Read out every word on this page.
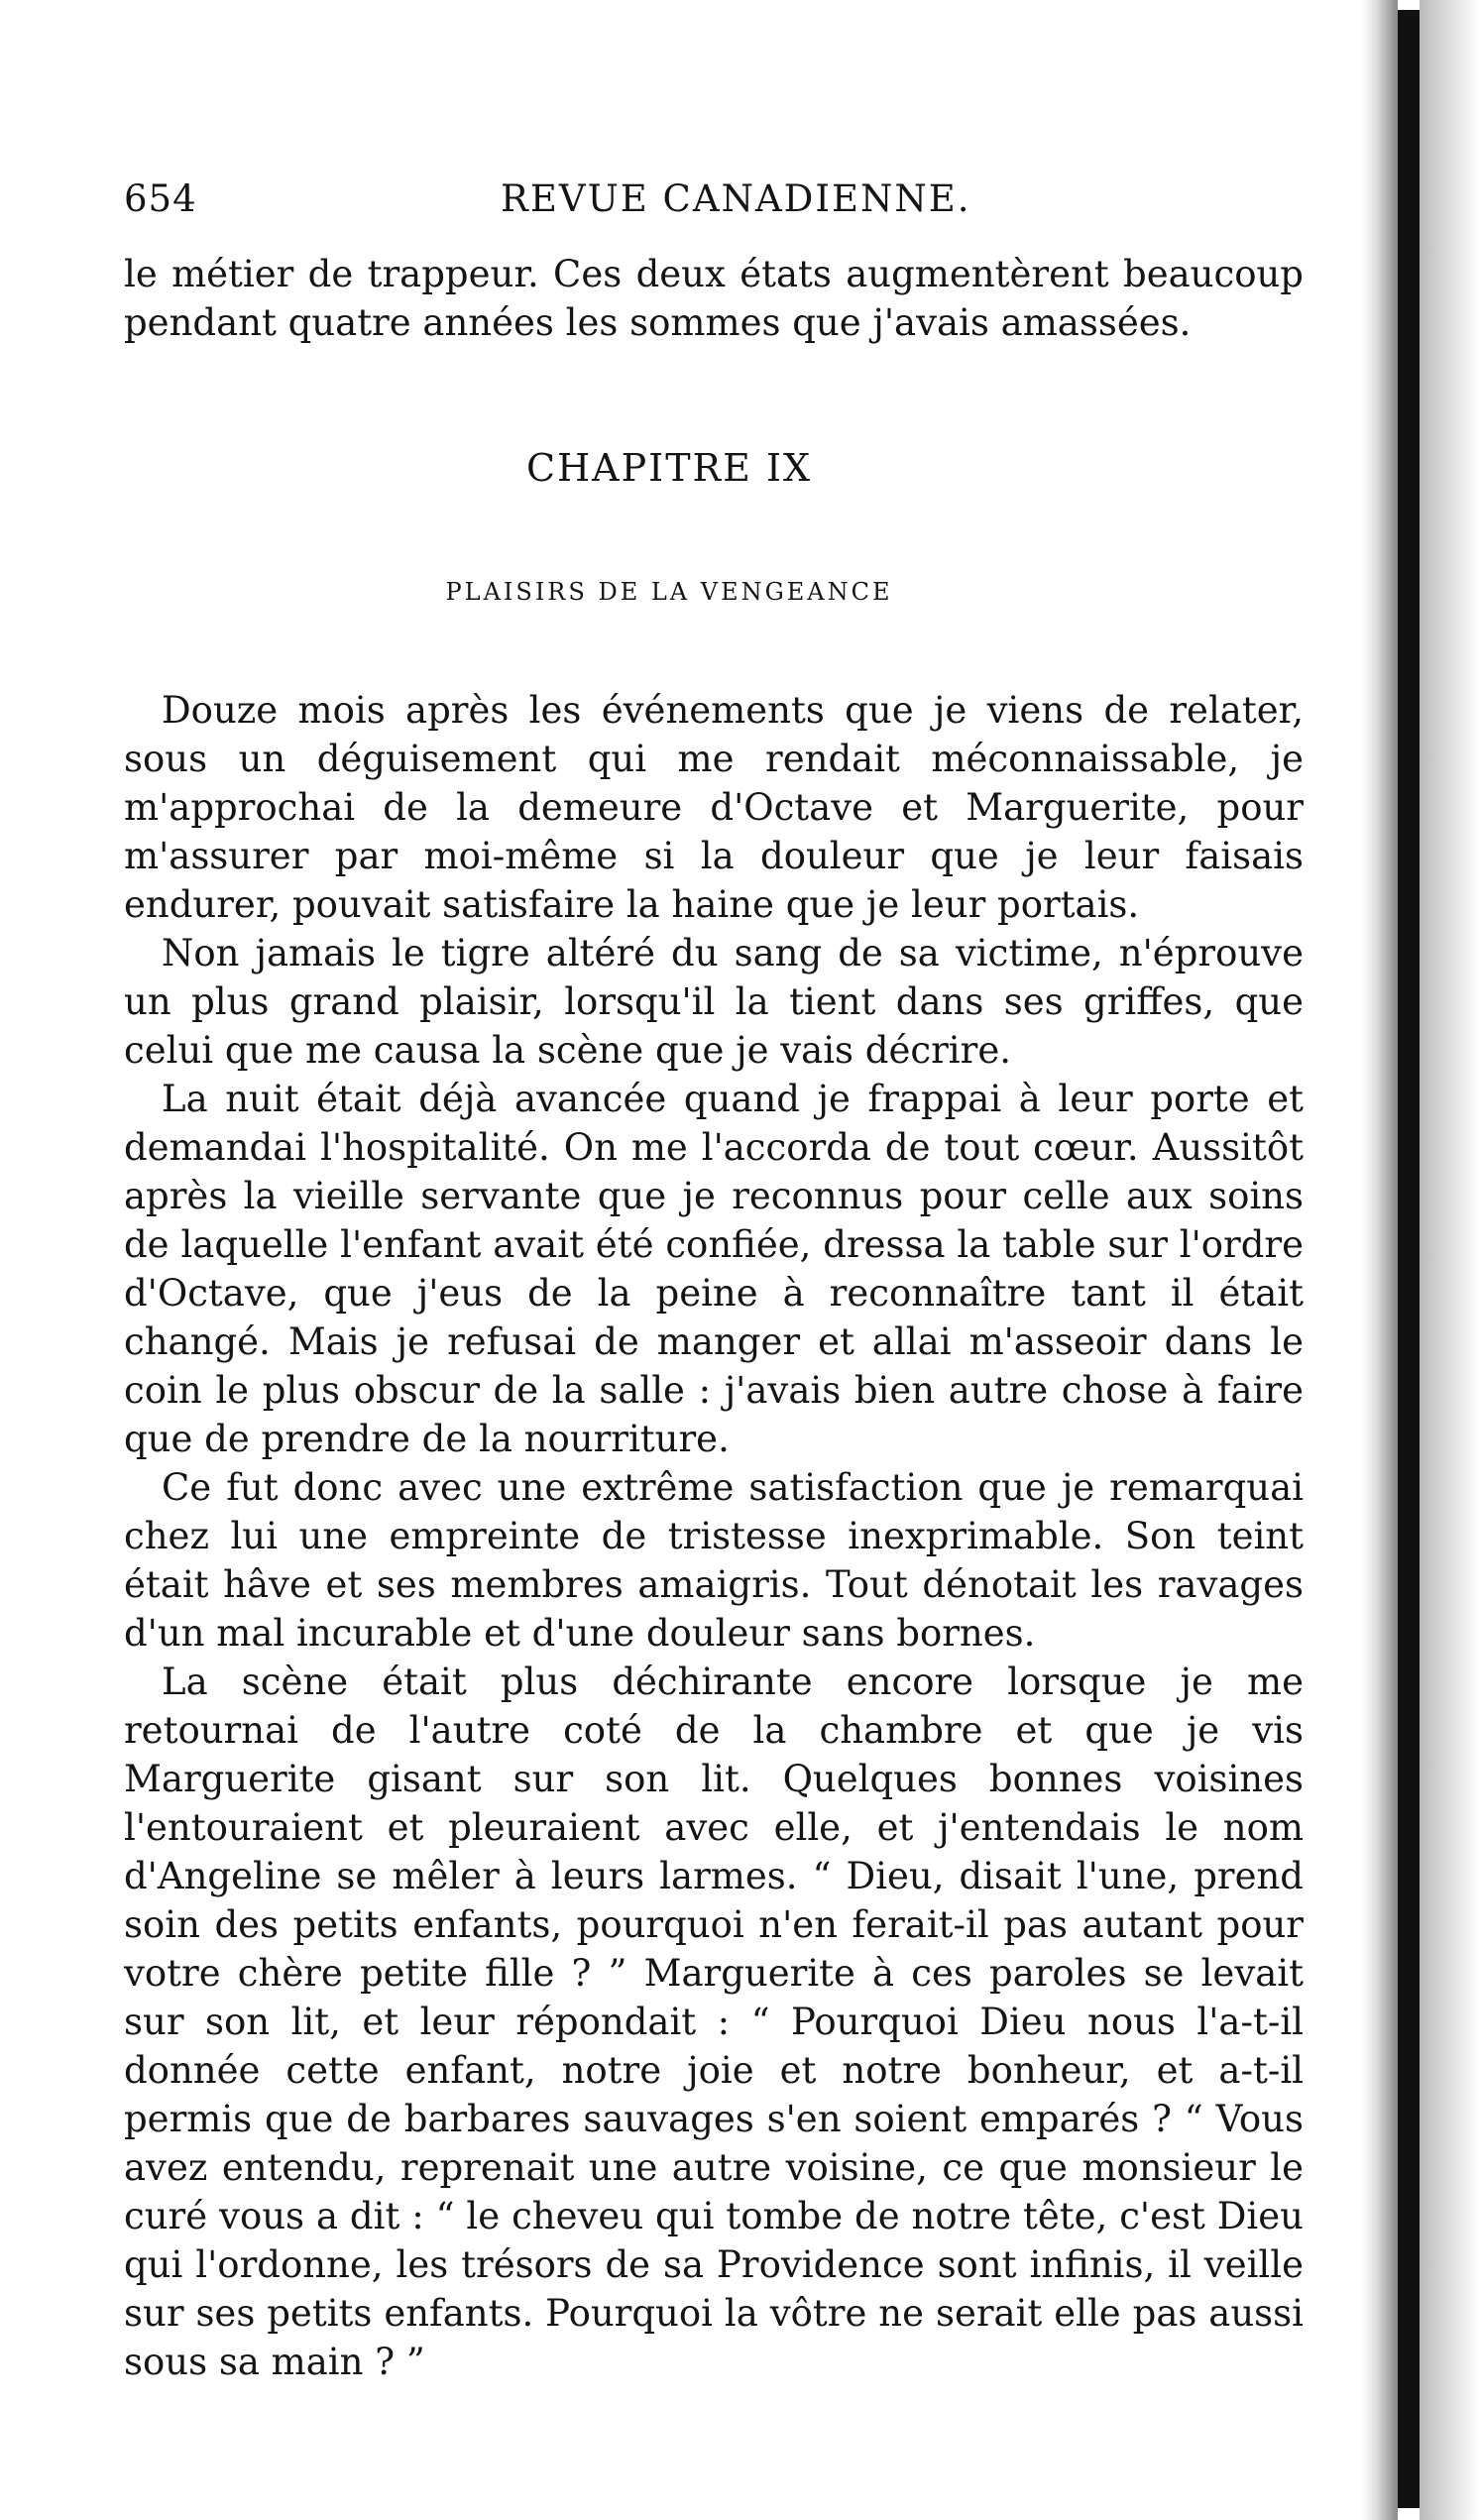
654	REVUE CANADIENNE.

le métier de trappeur. Ces deux états augmentèrent beaucoup pendant quatre années les sommes que j'avais amassées.

CHAPITRE IX
PLAISIRS DE LA VENGEANCE

Douze mois après les événements que je viens de relater, sous un déguisement qui me rendait méconnaissable, je m'approchai de la demeure d'Octave et Marguerite, pour m'assurer par moi-même si la douleur que je leur faisais endurer, pouvait satisfaire la haine que je leur portais.

Non jamais le tigre altéré du sang de sa victime, n'éprouve un plus grand plaisir, lorsqu'il la tient dans ses griffes, que celui que me causa la scène que je vais décrire.

La nuit était déjà avancée quand je frappai à leur porte et demandai l'hospitalité. On me l'accorda de tout cœur. Aussitôt après la vieille servante que je reconnus pour celle aux soins de laquelle l'enfant avait été confiée, dressa la table sur l'ordre d'Octave, que j'eus de la peine à reconnaître tant il était changé. Mais je refusai de manger et allai m'asseoir dans le coin le plus obscur de la salle : j'avais bien autre chose à faire que de prendre de la nourriture.

Ce fut donc avec une extrême satisfaction que je remarquai chez lui une empreinte de tristesse inexprimable. Son teint était hâve et ses membres amaigris. Tout dénotait les ravages d'un mal incurable et d'une douleur sans bornes.

La scène était plus déchirante encore lorsque je me retournai de l'autre coté de la chambre et que je vis Marguerite gisant sur son lit. Quelques bonnes voisines l'entouraient et pleuraient avec elle, et j'entendais le nom d'Angeline se mêler à leurs larmes. “ Dieu, disait l'une, prend soin des petits enfants, pourquoi n'en ferait-il pas autant pour votre chère petite fille ? ” Marguerite à ces paroles se levait sur son lit, et leur répondait : “ Pourquoi Dieu nous l'a-t-il donnée cette enfant, notre joie et notre bonheur, et a-t-il permis que de barbares sauvages s'en soient emparés ? “ Vous avez entendu, reprenait une autre voisine, ce que monsieur le curé vous a dit : “ le cheveu qui tombe de notre tête, c'est Dieu qui l'ordonne, les trésors de sa Providence sont infinis, il veille sur ses petits enfants. Pourquoi la vôtre ne serait elle pas aussi sous sa main ? ”
